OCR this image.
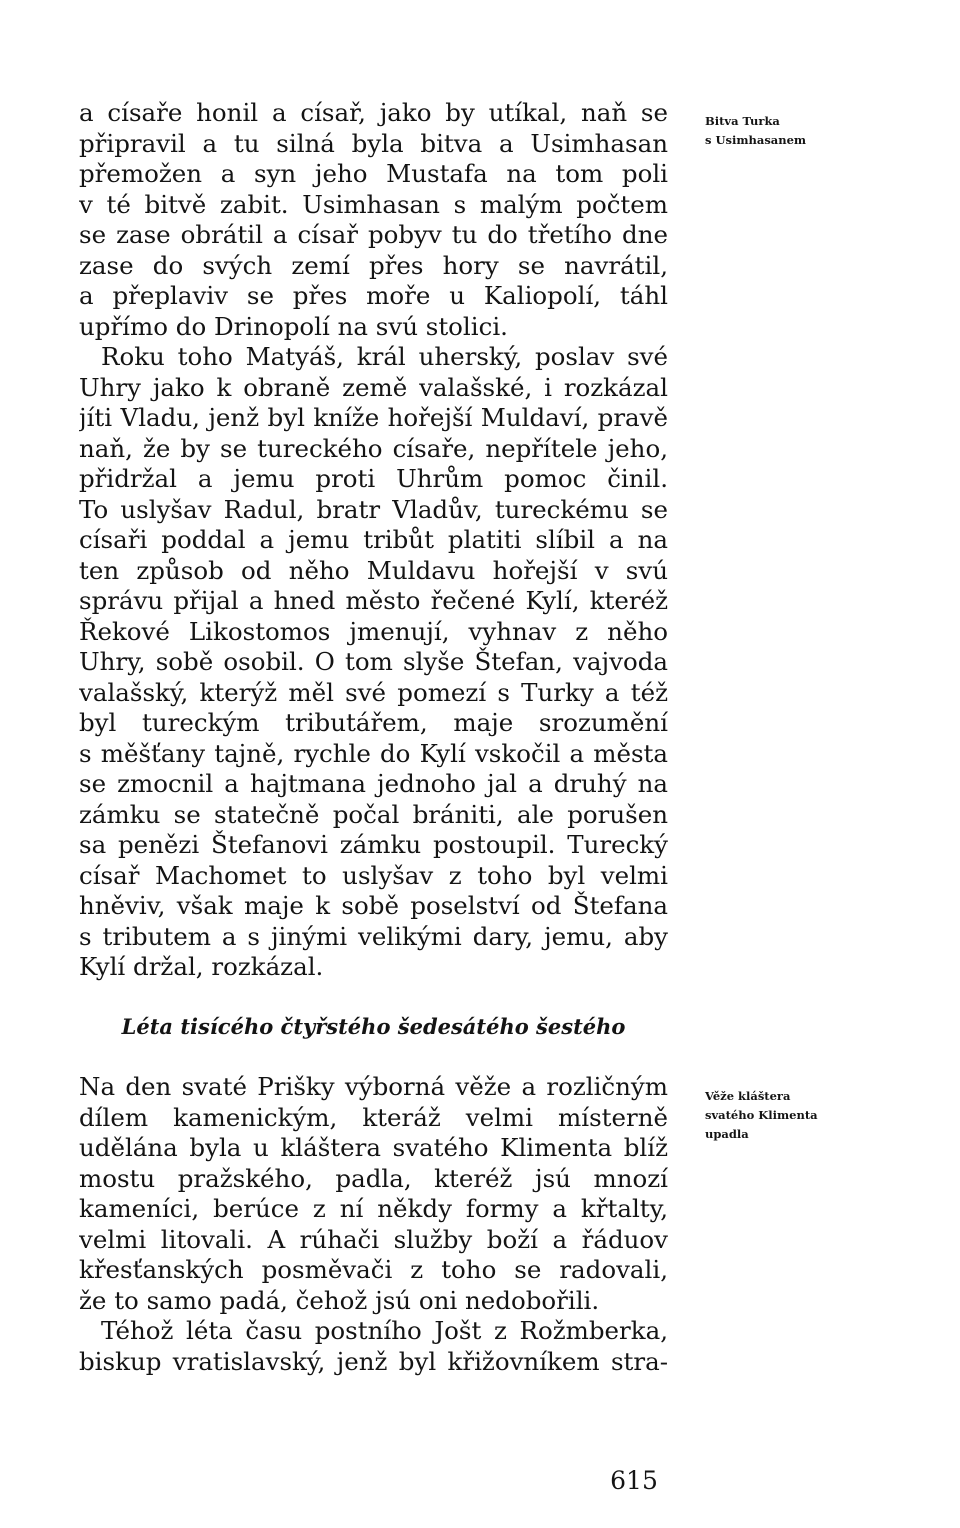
a císaře honil a císař, jako by utíkal, naň se
připravil a tu silná byla bitva a Usimhasan
přemožen a syn jeho Mustafa na tom poli
v té bitvě zabit. Usimhasan s malým počtem
se zase obrátil a císař pobyv tu do třetího dne
zase do svých zemí přes hory se navrátil,
a přeplaviv se přes moře u Kaliopolí, táhl
upřímo do Drinopolí na svú stolici.
Roku toho Matyáš, král uherský, poslav své
Uhry jako k obraně země valašské, i rozkázal
jíti Vladu, jenž byl kníže hořejší Muldaví, pravě
naň, že by se tureckého císaře, nepřítele jeho,
přidržal a jemu proti Uhrům pomoc činil.
To uslyšav Radul, bratr Vladův, tureckému se
císaři poddal a jemu tribůt platiti slíbil a na
ten způsob od něho Muldavu hořejší v svú
správu přijal a hned město řečené Kylí, kteréž
Řekové Likostomos jmenují, vyhnav z něho
Uhry, sobě osobil. O tom slyše Štefan, vajvoda
valašský, kterýž měl své pomezí s Turky a též
byl tureckým tributářem, maje srozumění
s měšťany tajně, rychle do Kylí vskočil a města
se zmocnil a hajtmana jednoho jal a druhý na
zámku se statečně počal brániti, ale porušen
sa penězi Štefanovi zámku postoupil. Turecký
císař Machomet to uslyšav z toho byl velmi
hněviv, však maje k sobě poselství od Štefana
s tributem a s jinými velikými dary, jemu, aby
Kylí držal, rozkázal.
Bitva Turka
s Usimhasanem
Léta tisícého čtyřstého šedesátého šestého
Na den svaté Prišky výborná věže a rozličným
dílem kamenickým, kteráž velmi místerně
udělána byla u kláštera svatého Klimenta blíž
mostu pražského, padla, kteréž jsú mnozí
kameníci, berúce z ní někdy formy a křtalty,
velmi litovali. A rúhači služby boží a řáduov
křesťanských posměvači z toho se radovali,
že to samo padá, čehož jsú oni nedobořili.
Téhož léta času postního Jošt z Rožmberka,
biskup vratislavský, jenž byl křižovníkem stra-
Věže kláštera
svatého Klimenta
upadla
615
